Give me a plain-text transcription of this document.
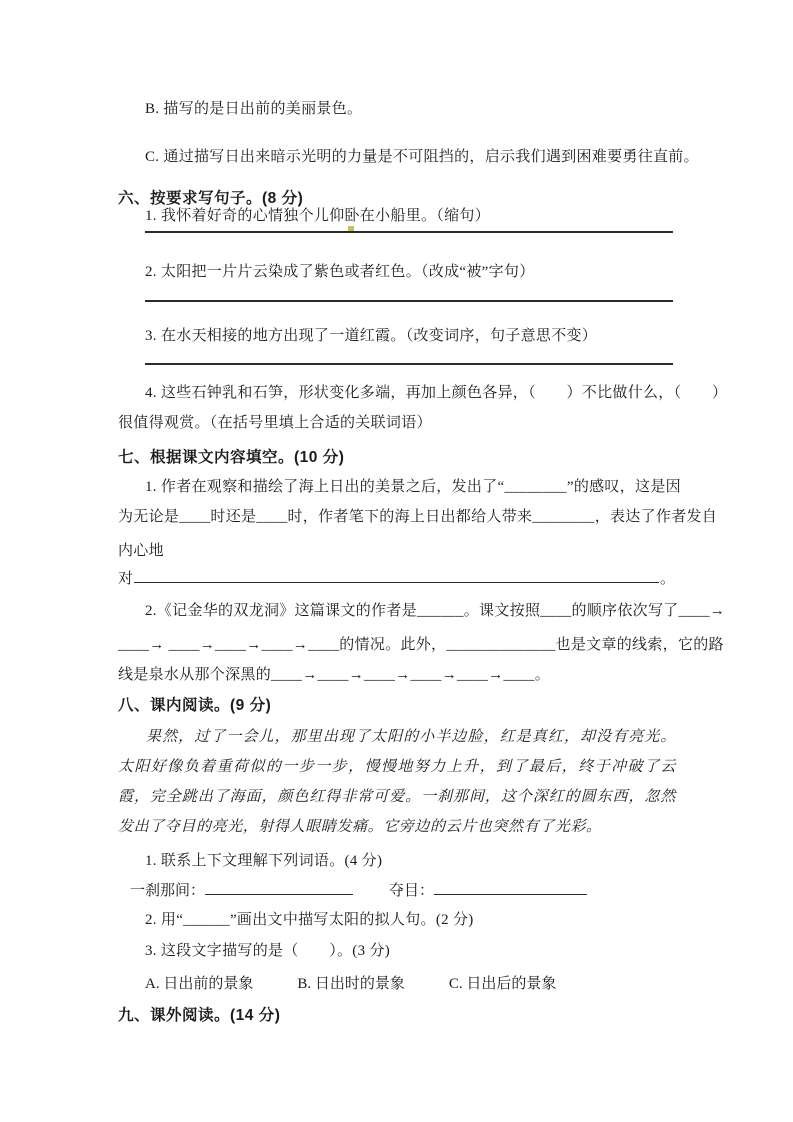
B. 描写的是日出前的美丽景色。
C. 通过描写日出来暗示光明的力量是不可阻挡的，启示我们遇到困难要勇往直前。
六、按要求写句子。(8 分)
1. 我怀着好奇的心情独个儿仰卧在小船里。（缩句）
2. 太阳把一片片云染成了紫色或者红色。（改成“被”字句）
3. 在水天相接的地方出现了一道红霞。（改变词序，句子意思不变）
4. 这些石钟乳和石笋，形状变化多端，再加上颜色各异，（　　）不比做什么，（　　）
很值得观赏。（在括号里填上合适的关联词语）
七、根据课文内容填空。(10 分)
1. 作者在观察和描绘了海上日出的美景之后，发出了“________”的感叹，这是因
为无论是____时还是____时，作者笔下的海上日出都给人带来________，表达了作者发自
内心地
对	。
2.《记金华的双龙洞》这篇课文的作者是______。课文按照____的顺序依次写了____→
____→ ____→____→____→____的情况。此外，______________也是文章的线索，它的路
线是泉水从那个深黑的____→____→____→____→____→____。
八、课内阅读。(9 分)
果然，过了一会儿，那里出现了太阳的小半边脸，红是真红，却没有亮光。太阳好像负着重荷似的一步一步，慢慢地努力上升，到了最后，终于冲破了云霞，完全跳出了海面，颜色红得非常可爱。一刹那间，这个深红的圆东西，忽然发出了夺目的亮光，射得人眼睛发痛。它旁边的云片也突然有了光彩。
1. 联系上下文理解下列词语。(4 分)
一刹那间：	夺目：
2. 用“______”画出文中描写太阳的拟人句。(2 分)
3. 这段文字描写的是（　　）。(3 分)
A. 日出前的景象	B. 日出时的景象	C. 日出后的景象
九、课外阅读。(14 分)
